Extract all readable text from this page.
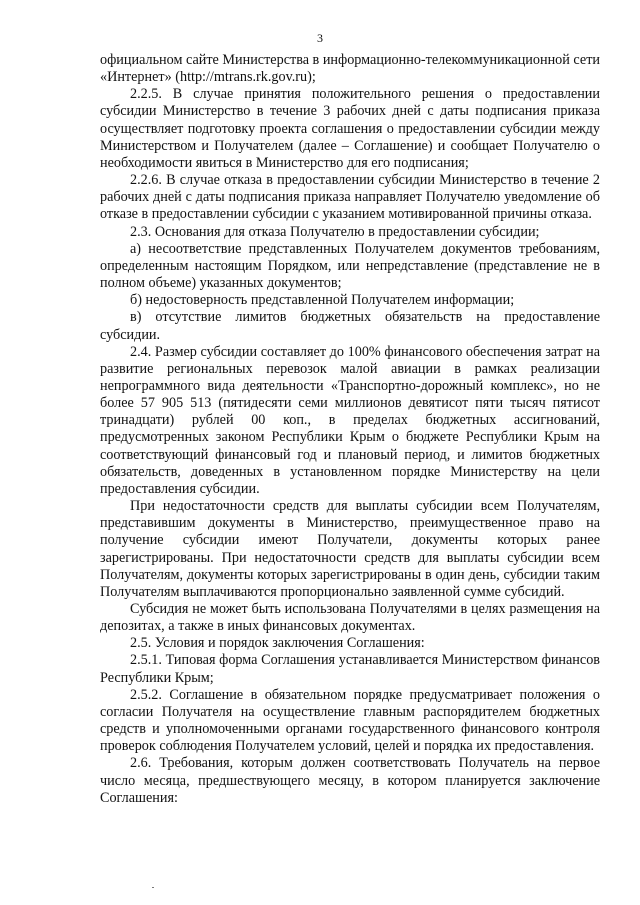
3

официальном сайте Министерства в информационно-телекоммуникационной сети «Интернет» (http://mtrans.rk.gov.ru);

2.2.5. В случае принятия положительного решения о предоставлении субсидии Министерство в течение 3 рабочих дней с даты подписания приказа осуществляет подготовку проекта соглашения о предоставлении субсидии между Министерством и Получателем (далее – Соглашение) и сообщает Получателю о необходимости явиться в Министерство для его подписания;

2.2.6. В случае отказа в предоставлении субсидии Министерство в течение 2 рабочих дней с даты подписания приказа направляет Получателю уведомление об отказе в предоставлении субсидии с указанием мотивированной причины отказа.

2.3. Основания для отказа Получателю в предоставлении субсидии;

а) несоответствие представленных Получателем документов требованиям, определенным настоящим Порядком, или непредставление (представление не в полном объеме) указанных документов;

б) недостоверность представленной Получателем информации;

в) отсутствие лимитов бюджетных обязательств на предоставление субсидии.

2.4. Размер субсидии составляет до 100% финансового обеспечения затрат на развитие региональных перевозок малой авиации в рамках реализации непрограммного вида деятельности «Транспортно-дорожный комплекс», но не более 57 905 513 (пятидесяти семи миллионов девятисот пяти тысяч пятисот тринадцати) рублей 00 коп., в пределах бюджетных ассигнований, предусмотренных законом Республики Крым о бюджете Республики Крым на соответствующий финансовый год и плановый период, и лимитов бюджетных обязательств, доведенных в установленном порядке Министерству на цели предоставления субсидии.

При недостаточности средств для выплаты субсидии всем Получателям, представившим документы в Министерство, преимущественное право на получение субсидии имеют Получатели, документы которых ранее зарегистрированы. При недостаточности средств для выплаты субсидии всем Получателям, документы которых зарегистрированы в один день, субсидии таким Получателям выплачиваются пропорционально заявленной сумме субсидий.

Субсидия не может быть использована Получателями в целях размещения на депозитах, а также в иных финансовых документах.

2.5. Условия и порядок заключения Соглашения:

2.5.1. Типовая форма Соглашения устанавливается Министерством финансов Республики Крым;

2.5.2. Соглашение в обязательном порядке предусматривает положения о согласии Получателя на осуществление главным распорядителем бюджетных средств и уполномоченными органами государственного финансового контроля проверок соблюдения Получателем условий, целей и порядка их предоставления.

2.6. Требования, которым должен соответствовать Получатель на первое число месяца, предшествующего месяцу, в котором планируется заключение Соглашения:
